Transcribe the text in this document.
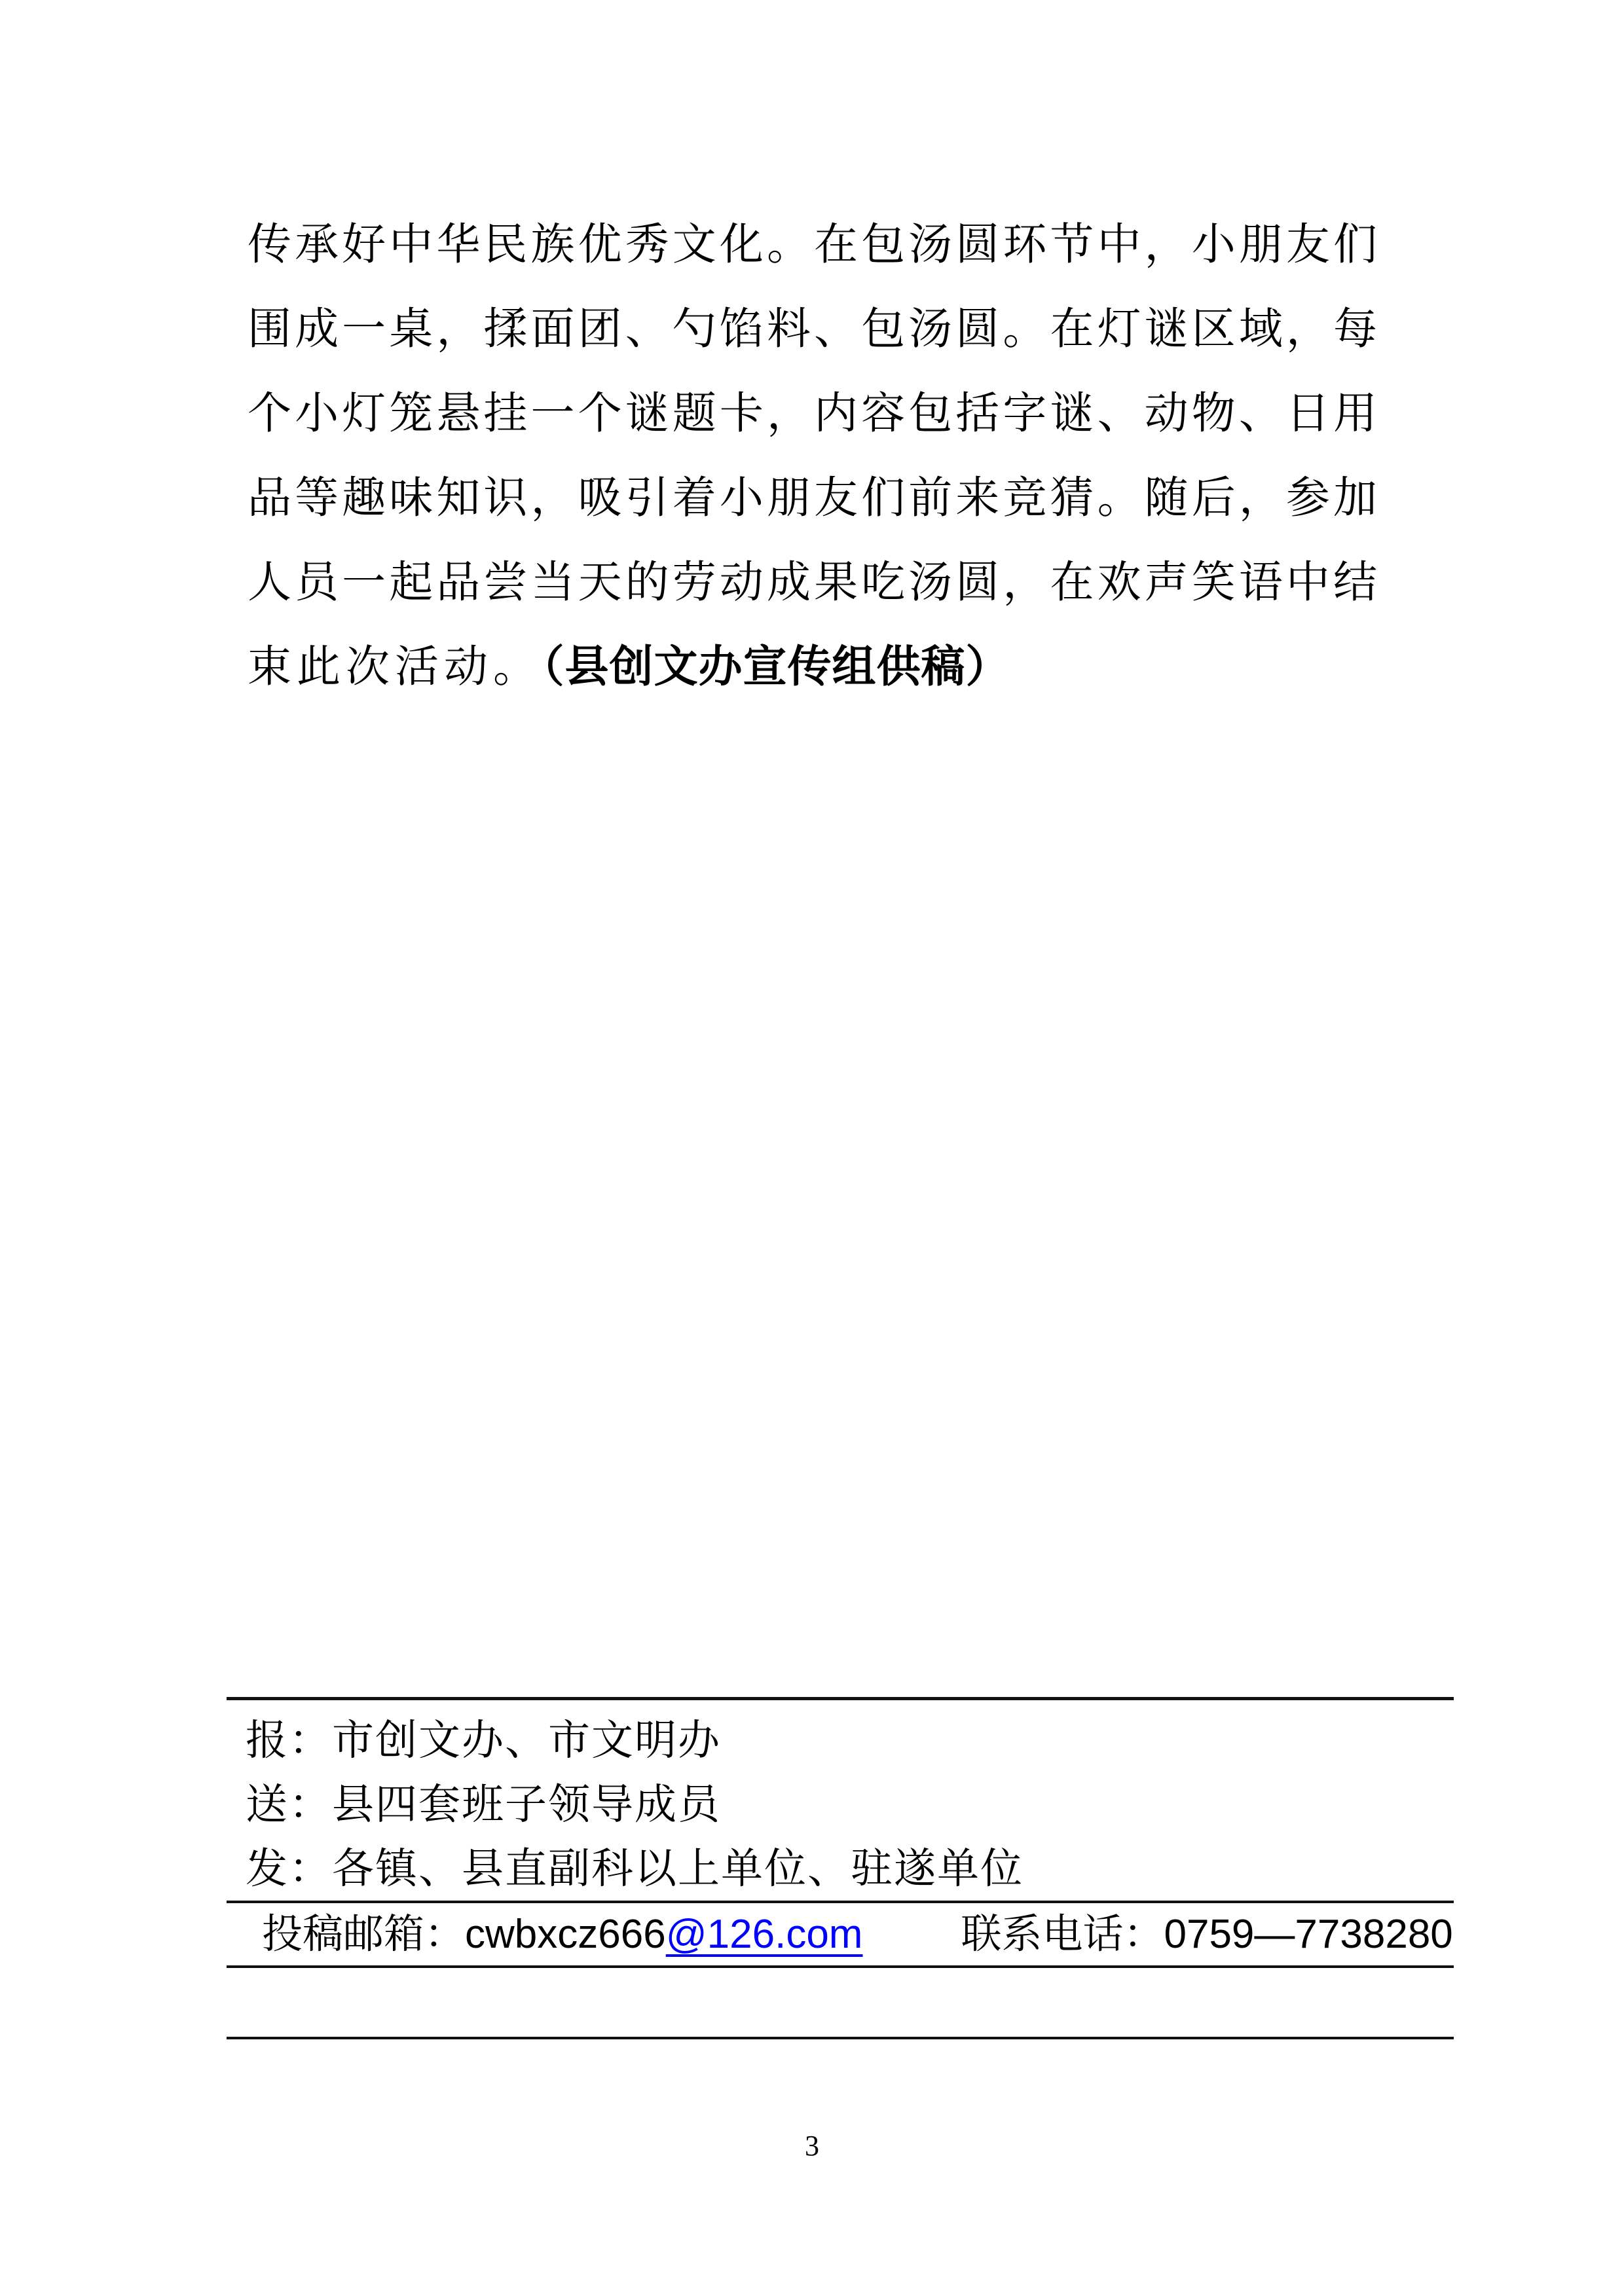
传承好中华民族优秀文化。在包汤圆环节中，小朋友们
围成一桌，揉面团、勺馅料、包汤圆。在灯谜区域，每
个小灯笼悬挂一个谜题卡，内容包括字谜、动物、日用
品等趣味知识，吸引着小朋友们前来竞猜。随后，参加
人员一起品尝当天的劳动成果吃汤圆，在欢声笑语中结
束此次活动。（县创文办宣传组供稿）
报：市创文办、市文明办
送：县四套班子领导成员
发：各镇、县直副科以上单位、驻遂单位
投稿邮箱：cwbxcz666@126.com 联系电话：0759—7738280
3
